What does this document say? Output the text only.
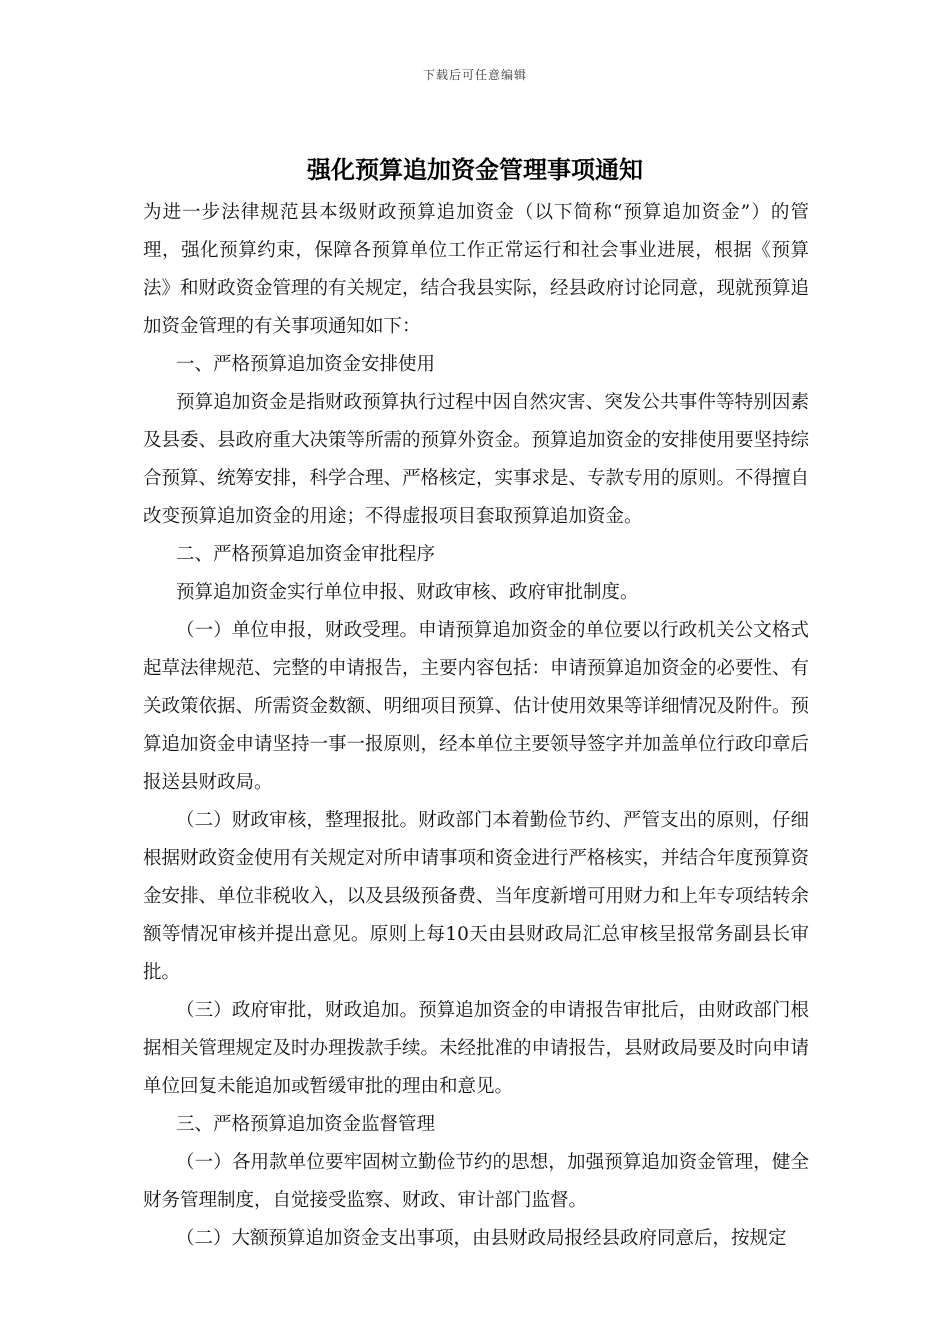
下载后可任意编辑
强化预算追加资金管理事项通知

为进一步法律规范县本级财政预算追加资金（以下简称“预算追加资金”）的管理，强化预算约束，保障各预算单位工作正常运行和社会事业进展，根据《预算法》和财政资金管理的有关规定，结合我县实际，经县政府讨论同意，现就预算追加资金管理的有关事项通知如下：

一、严格预算追加资金安排使用

预算追加资金是指财政预算执行过程中因自然灾害、突发公共事件等特别因素及县委、县政府重大决策等所需的预算外资金。预算追加资金的安排使用要坚持综合预算、统筹安排，科学合理、严格核定，实事求是、专款专用的原则。不得擅自改变预算追加资金的用途；不得虚报项目套取预算追加资金。

二、严格预算追加资金审批程序

预算追加资金实行单位申报、财政审核、政府审批制度。

（一）单位申报，财政受理。申请预算追加资金的单位要以行政机关公文格式起草法律规范、完整的申请报告，主要内容包括：申请预算追加资金的必要性、有关政策依据、所需资金数额、明细项目预算、估计使用效果等详细情况及附件。预算追加资金申请坚持一事一报原则，经本单位主要领导签字并加盖单位行政印章后报送县财政局。

（二）财政审核，整理报批。财政部门本着勤俭节约、严管支出的原则，仔细根据财政资金使用有关规定对所申请事项和资金进行严格核实，并结合年度预算资金安排、单位非税收入，以及县级预备费、当年度新增可用财力和上年专项结转余额等情况审核并提出意见。原则上每10天由县财政局汇总审核呈报常务副县长审批。

（三）政府审批，财政追加。预算追加资金的申请报告审批后，由财政部门根据相关管理规定及时办理拨款手续。未经批准的申请报告，县财政局要及时向申请单位回复未能追加或暂缓审批的理由和意见。

三、严格预算追加资金监督管理

（一）各用款单位要牢固树立勤俭节约的思想，加强预算追加资金管理，健全财务管理制度，自觉接受监察、财政、审计部门监督。

（二）大额预算追加资金支出事项，由县财政局报经县政府同意后，按规定
